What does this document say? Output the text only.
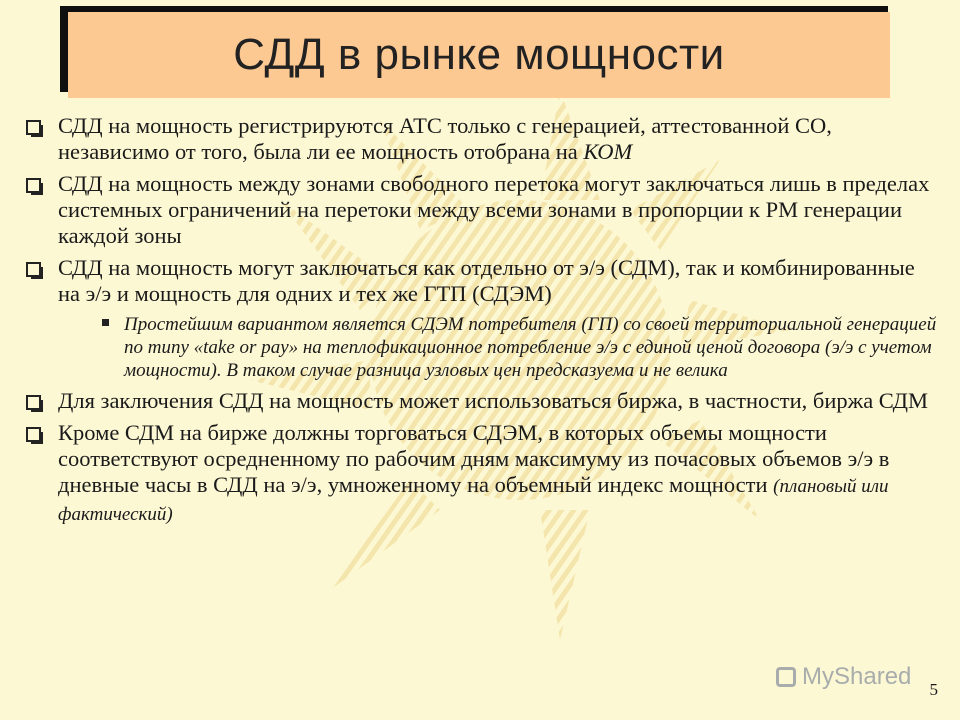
СДД в рынке мощности
СДД на мощность регистрируются АТС только с генерацией, аттестованной СО, независимо от того, была ли ее мощность отобрана на КОМ
СДД на мощность между зонами свободного перетока могут заключаться лишь в пределах системных ограничений на перетоки между всеми зонами в пропорции к РМ генерации каждой зоны
СДД на мощность могут заключаться как отдельно от э/э (СДМ), так и комбинированные на э/э и мощность для одних и тех же ГТП (СДЭМ)
Простейшим вариантом является СДЭМ потребителя (ГП) со своей территориальной генерацией по типу «take or pay» на теплофикационное потребление э/э с единой ценой договора (э/э с учетом мощности). В таком случае разница узловых цен предсказуема и не велика
Для заключения СДД на мощность может использоваться биржа, в частности, биржа СДМ
Кроме СДМ на бирже должны торговаться СДЭМ, в которых объемы мощности соответствуют осредненному по рабочим дням максимуму из почасовых объемов э/э в дневные часы в СДД на э/э, умноженному на объемный индекс мощности (плановый или фактический)
MyShared 5
